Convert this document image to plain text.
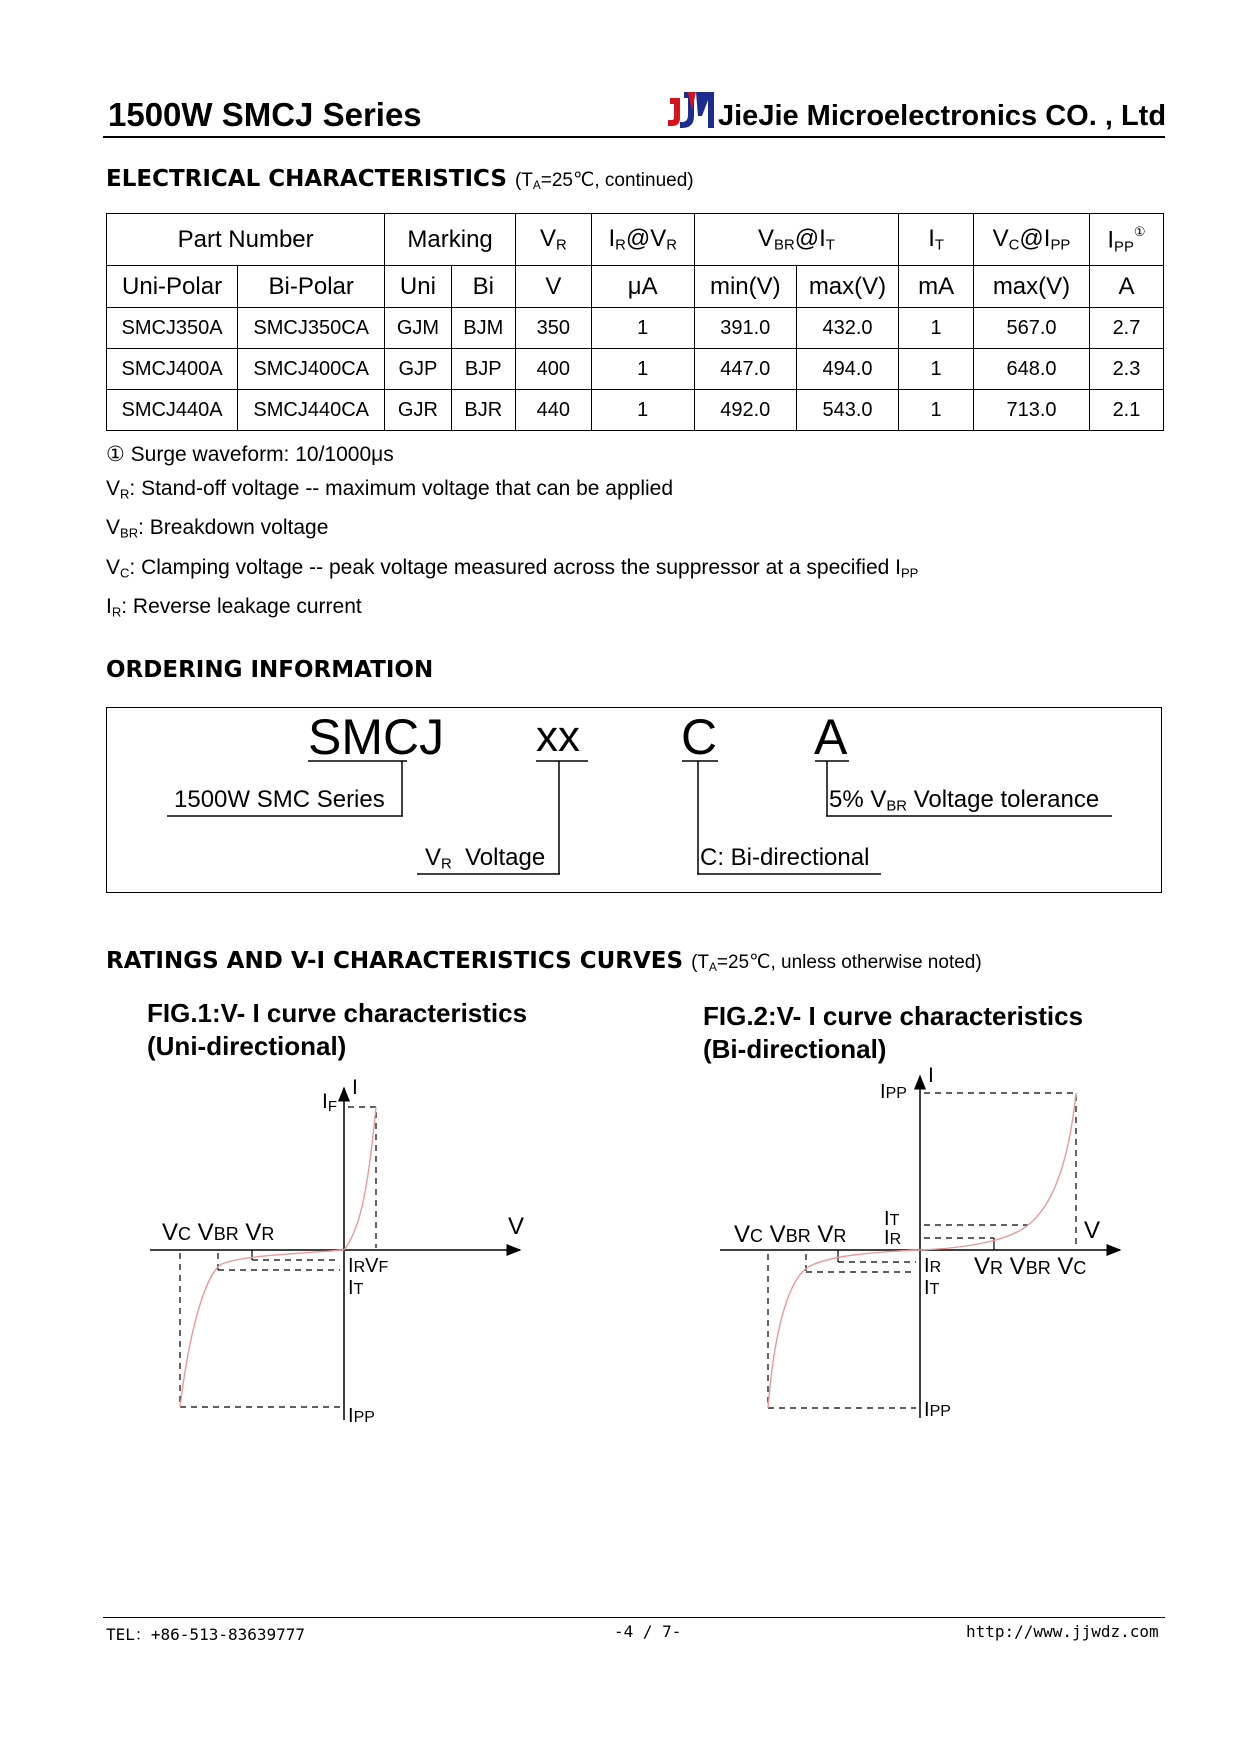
1500W SMCJ Series	JieJie Microelectronics CO. , Ltd
ELECTRICAL CHARACTERISTICS ($T_A=25℃$, continued)
Part Number		Marking		$V_R$	$I_R@V_R$	$V_{BR}@I_T$		$I_T$	$V_C@I_{PP}$	$I_{PP}^①$
Uni-Polar	Bi-Polar	Uni	Bi	V	μA	min(V)	max(V)	mA	max(V)	A
SMCJ350A	SMCJ350CA	GJM	BJM	350	1	391.0	432.0	1	567.0	2.7
SMCJ400A	SMCJ400CA	GJP	BJP	400	1	447.0	494.0	1	648.0	2.3
SMCJ440A	SMCJ440CA	GJR	BJR	440	1	492.0	543.0	1	713.0	2.1
① Surge waveform: 10/1000μs
$V_R$: Stand-off voltage -- maximum voltage that can be applied
$V_{BR}$: Breakdown voltage
$V_C$: Clamping voltage -- peak voltage measured across the suppressor at a specified $I_{PP}$
$I_R$: Reverse leakage current
ORDERING INFORMATION
SMCJ xx C A
1500W SMC Series
$V_R$ Voltage	C: Bi-directional
5% $V_{BR}$ Voltage tolerance
RATINGS AND V-I CHARACTERISTICS CURVES ($T_A=25℃$, unless otherwise noted)
FIG.1:V- I curve characteristics
(Uni-directional)
FIG.2:V- I curve characteristics
(Bi-directional)
IF
I
V
VC VBR VR
IRVF
IT
IPP
I
IPP
IT
IR	V
VC VBR VR
VR VBR VC
IR
IT
IPP
TEL：+86-513-83639777	-4 / 7-	http://www.jjwdz.com
